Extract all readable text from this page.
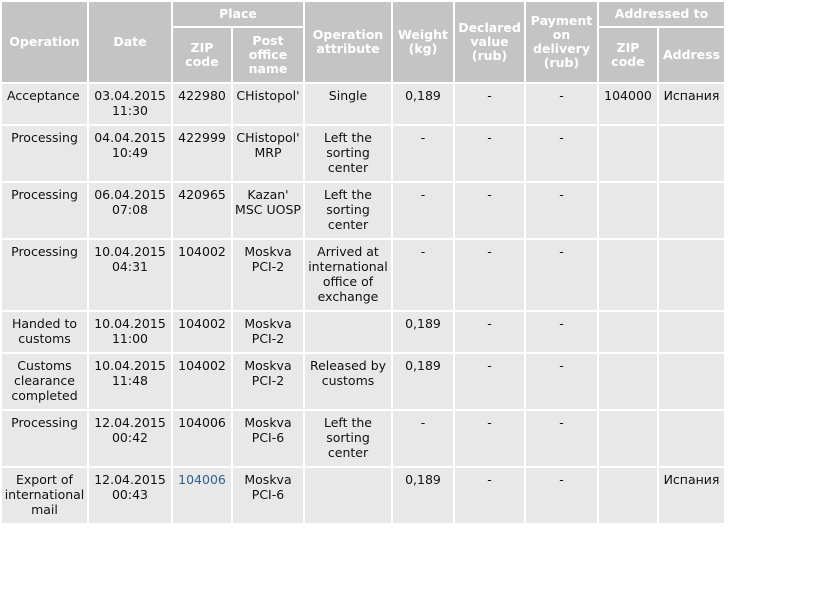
Operation	Date	Place		Operation attribute	Weight (kg)	Declared value (rub)	Payment on delivery (rub)	Addressed to	
		ZIP code	Post office name					ZIP code	Address
Acceptance	03.04.2015 11:30	422980	CHistopol'	Single	0,189	-	-	104000	Испания
Processing	04.04.2015 10:49	422999	CHistopol' MRP	Left the sorting center	-	-	-		
Processing	06.04.2015 07:08	420965	Kazan' MSC UOSP	Left the sorting center	-	-	-		
Processing	10.04.2015 04:31	104002	Moskva PCI-2	Arrived at international office of exchange	-	-	-		
Handed to customs	10.04.2015 11:00	104002	Moskva PCI-2		0,189	-	-		
Customs clearance completed	10.04.2015 11:48	104002	Moskva PCI-2	Released by customs	0,189	-	-		
Processing	12.04.2015 00:42	104006	Moskva PCI-6	Left the sorting center	-	-	-		
Export of international mail	12.04.2015 00:43	104006	Moskva PCI-6		0,189	-	-		Испания
